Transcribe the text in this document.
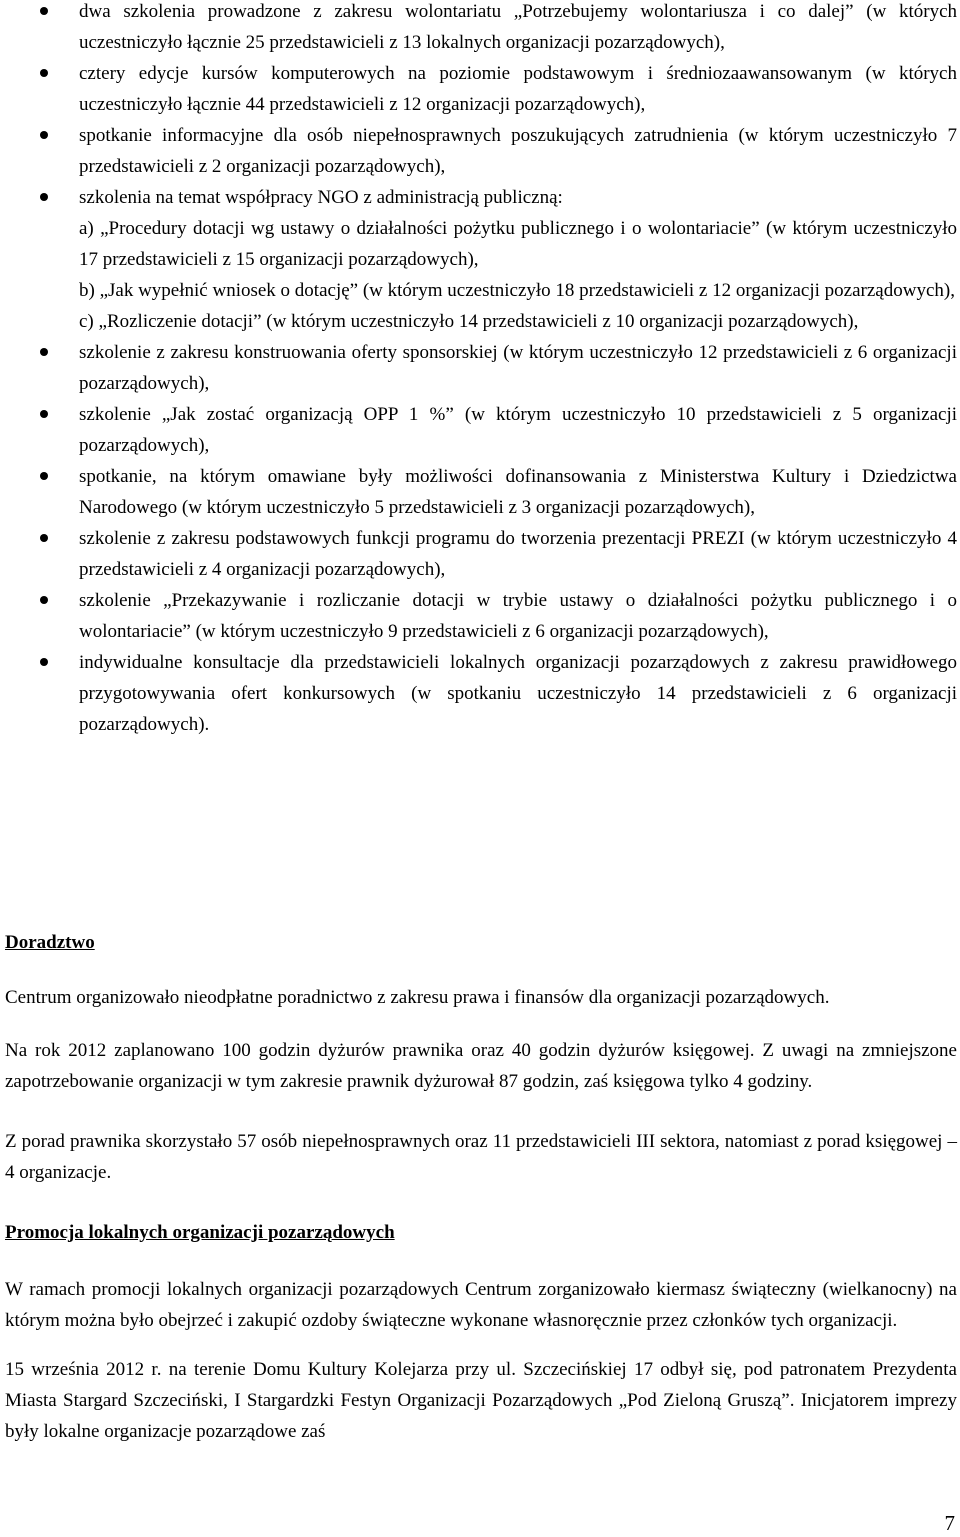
dwa szkolenia prowadzone z zakresu wolontariatu „Potrzebujemy wolontariusza i co dalej” (w których uczestniczyło łącznie 25 przedstawicieli z 13 lokalnych organizacji pozarządowych),
cztery edycje kursów komputerowych na poziomie podstawowym i średniozaawansowanym (w których uczestniczyło łącznie 44 przedstawicieli z 12 organizacji pozarządowych),
spotkanie informacyjne dla osób niepełnosprawnych poszukujących zatrudnienia (w którym uczestniczyło 7 przedstawicieli z 2 organizacji pozarządowych),
szkolenia na temat współpracy NGO z administracją publiczną:
a) „Procedury dotacji wg ustawy o działalności pożytku publicznego i o wolontariacie” (w którym uczestniczyło 17 przedstawicieli z 15 organizacji pozarządowych),
b) „Jak wypełnić wniosek o dotację” (w którym uczestniczyło 18 przedstawicieli z 12 organizacji pozarządowych),
c) „Rozliczenie dotacji” (w którym uczestniczyło 14 przedstawicieli z 10 organizacji pozarządowych),
szkolenie z zakresu konstruowania oferty sponsorskiej (w którym uczestniczyło 12 przedstawicieli z 6 organizacji pozarządowych),
szkolenie „Jak zostać organizacją OPP 1 %” (w którym uczestniczyło 10 przedstawicieli z 5 organizacji pozarządowych),
spotkanie, na którym omawiane były możliwości dofinansowania z Ministerstwa Kultury i Dziedzictwa Narodowego (w którym uczestniczyło 5 przedstawicieli z 3 organizacji pozarządowych),
szkolenie z zakresu podstawowych funkcji programu do tworzenia prezentacji PREZI (w którym uczestniczyło 4 przedstawicieli z 4 organizacji pozarządowych),
szkolenie „Przekazywanie i rozliczanie dotacji w trybie ustawy o działalności pożytku publicznego i o wolontariacie” (w którym uczestniczyło 9 przedstawicieli z 6 organizacji pozarządowych),
indywidualne konsultacje dla przedstawicieli lokalnych organizacji pozarządowych z zakresu prawidłowego przygotowywania ofert konkursowych (w spotkaniu uczestniczyło 14 przedstawicieli z 6 organizacji pozarządowych).
Doradztwo

Centrum organizowało nieodpłatne poradnictwo z zakresu prawa i finansów dla organizacji pozarządowych.

Na rok 2012 zaplanowano 100 godzin dyżurów prawnika oraz 40 godzin dyżurów księgowej. Z uwagi na zmniejszone zapotrzebowanie organizacji w tym zakresie prawnik dyżurował 87 godzin, zaś księgowa tylko 4 godziny.

Z porad prawnika skorzystało 57 osób niepełnosprawnych oraz 11 przedstawicieli III sektora, natomiast z porad księgowej – 4 organizacje.

Promocja lokalnych organizacji pozarządowych

W ramach promocji lokalnych organizacji pozarządowych Centrum zorganizowało kiermasz świąteczny (wielkanocny) na którym można było obejrzeć i zakupić ozdoby świąteczne wykonane własnoręcznie przez członków tych organizacji.

15 września 2012 r. na terenie Domu Kultury Kolejarza przy ul. Szczecińskiej 17 odbył się, pod patronatem Prezydenta Miasta Stargard Szczeciński, I Stargardzki Festyn Organizacji Pozarządowych „Pod Zieloną Gruszą”. Inicjatorem imprezy były lokalne organizacje pozarządowe zaś

7
